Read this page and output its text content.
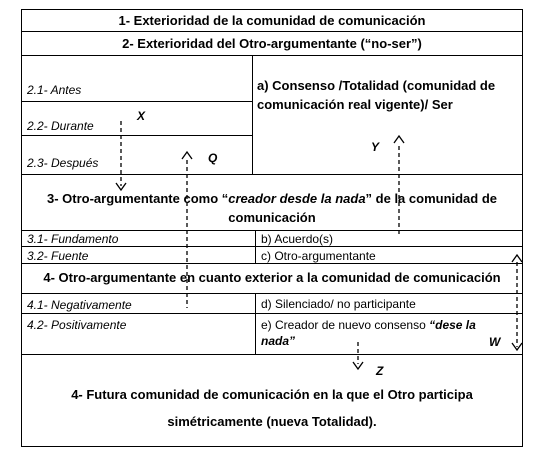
1- Exterioridad de la comunidad de comunicación
2- Exterioridad del Otro-argumentante (“no-ser”)
2.1- Antes
2.2- Durante
2.3- Después
a) Consenso /Totalidad (comunidad de
comunicación real vigente)/ Ser
3- Otro-argumentante como “creador desde la nada” de la comunidad de
comunicación
3.1- Fundamento	b) Acuerdo(s)
3.2- Fuente	c) Otro-argumentante
4- Otro-argumentante en cuanto exterior a la comunidad de comunicación
4.1- Negativamente	d) Silenciado/ no participante
4.2- Positivamente	e) Creador de nuevo consenso “dese la
nada”
4- Futura comunidad de comunicación en la que el Otro participa
simétricamente (nueva Totalidad).
X
Y
Q
Z
W
